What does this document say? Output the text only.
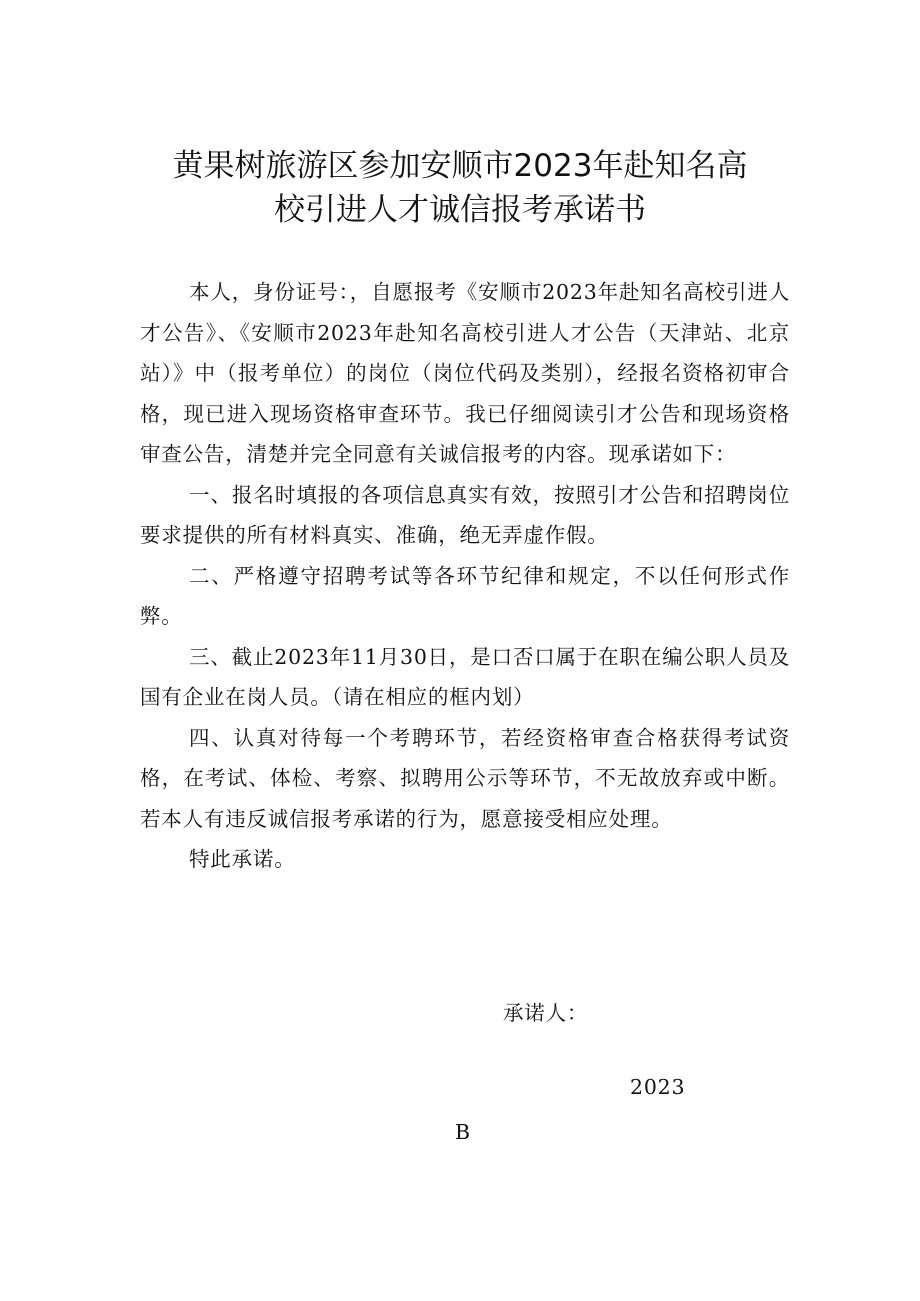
黄果树旅游区参加安顺市2023年赴知名高
校引进人才诚信报考承诺书

本人，身份证号：，自愿报考《安顺市2023年赴知名高校引进人才公告》、《安顺市2023年赴知名高校引进人才公告（天津站、北京站）》中（报考单位）的岗位（岗位代码及类别），经报名资格初审合格，现已进入现场资格审查环节。我已仔细阅读引才公告和现场资格审查公告，清楚并完全同意有关诚信报考的内容。现承诺如下：

一、报名时填报的各项信息真实有效，按照引才公告和招聘岗位要求提供的所有材料真实、准确，绝无弄虚作假。

二、严格遵守招聘考试等各环节纪律和规定，不以任何形式作弊。

三、截止2023年11月30日，是口否口属于在职在编公职人员及国有企业在岗人员。（请在相应的框内划）

四、认真对待每一个考聘环节，若经资格审查合格获得考试资格，在考试、体检、考察、拟聘用公示等环节，不无故放弃或中断。若本人有违反诚信报考承诺的行为，愿意接受相应处理。

特此承诺。

承诺人：
2023
B
